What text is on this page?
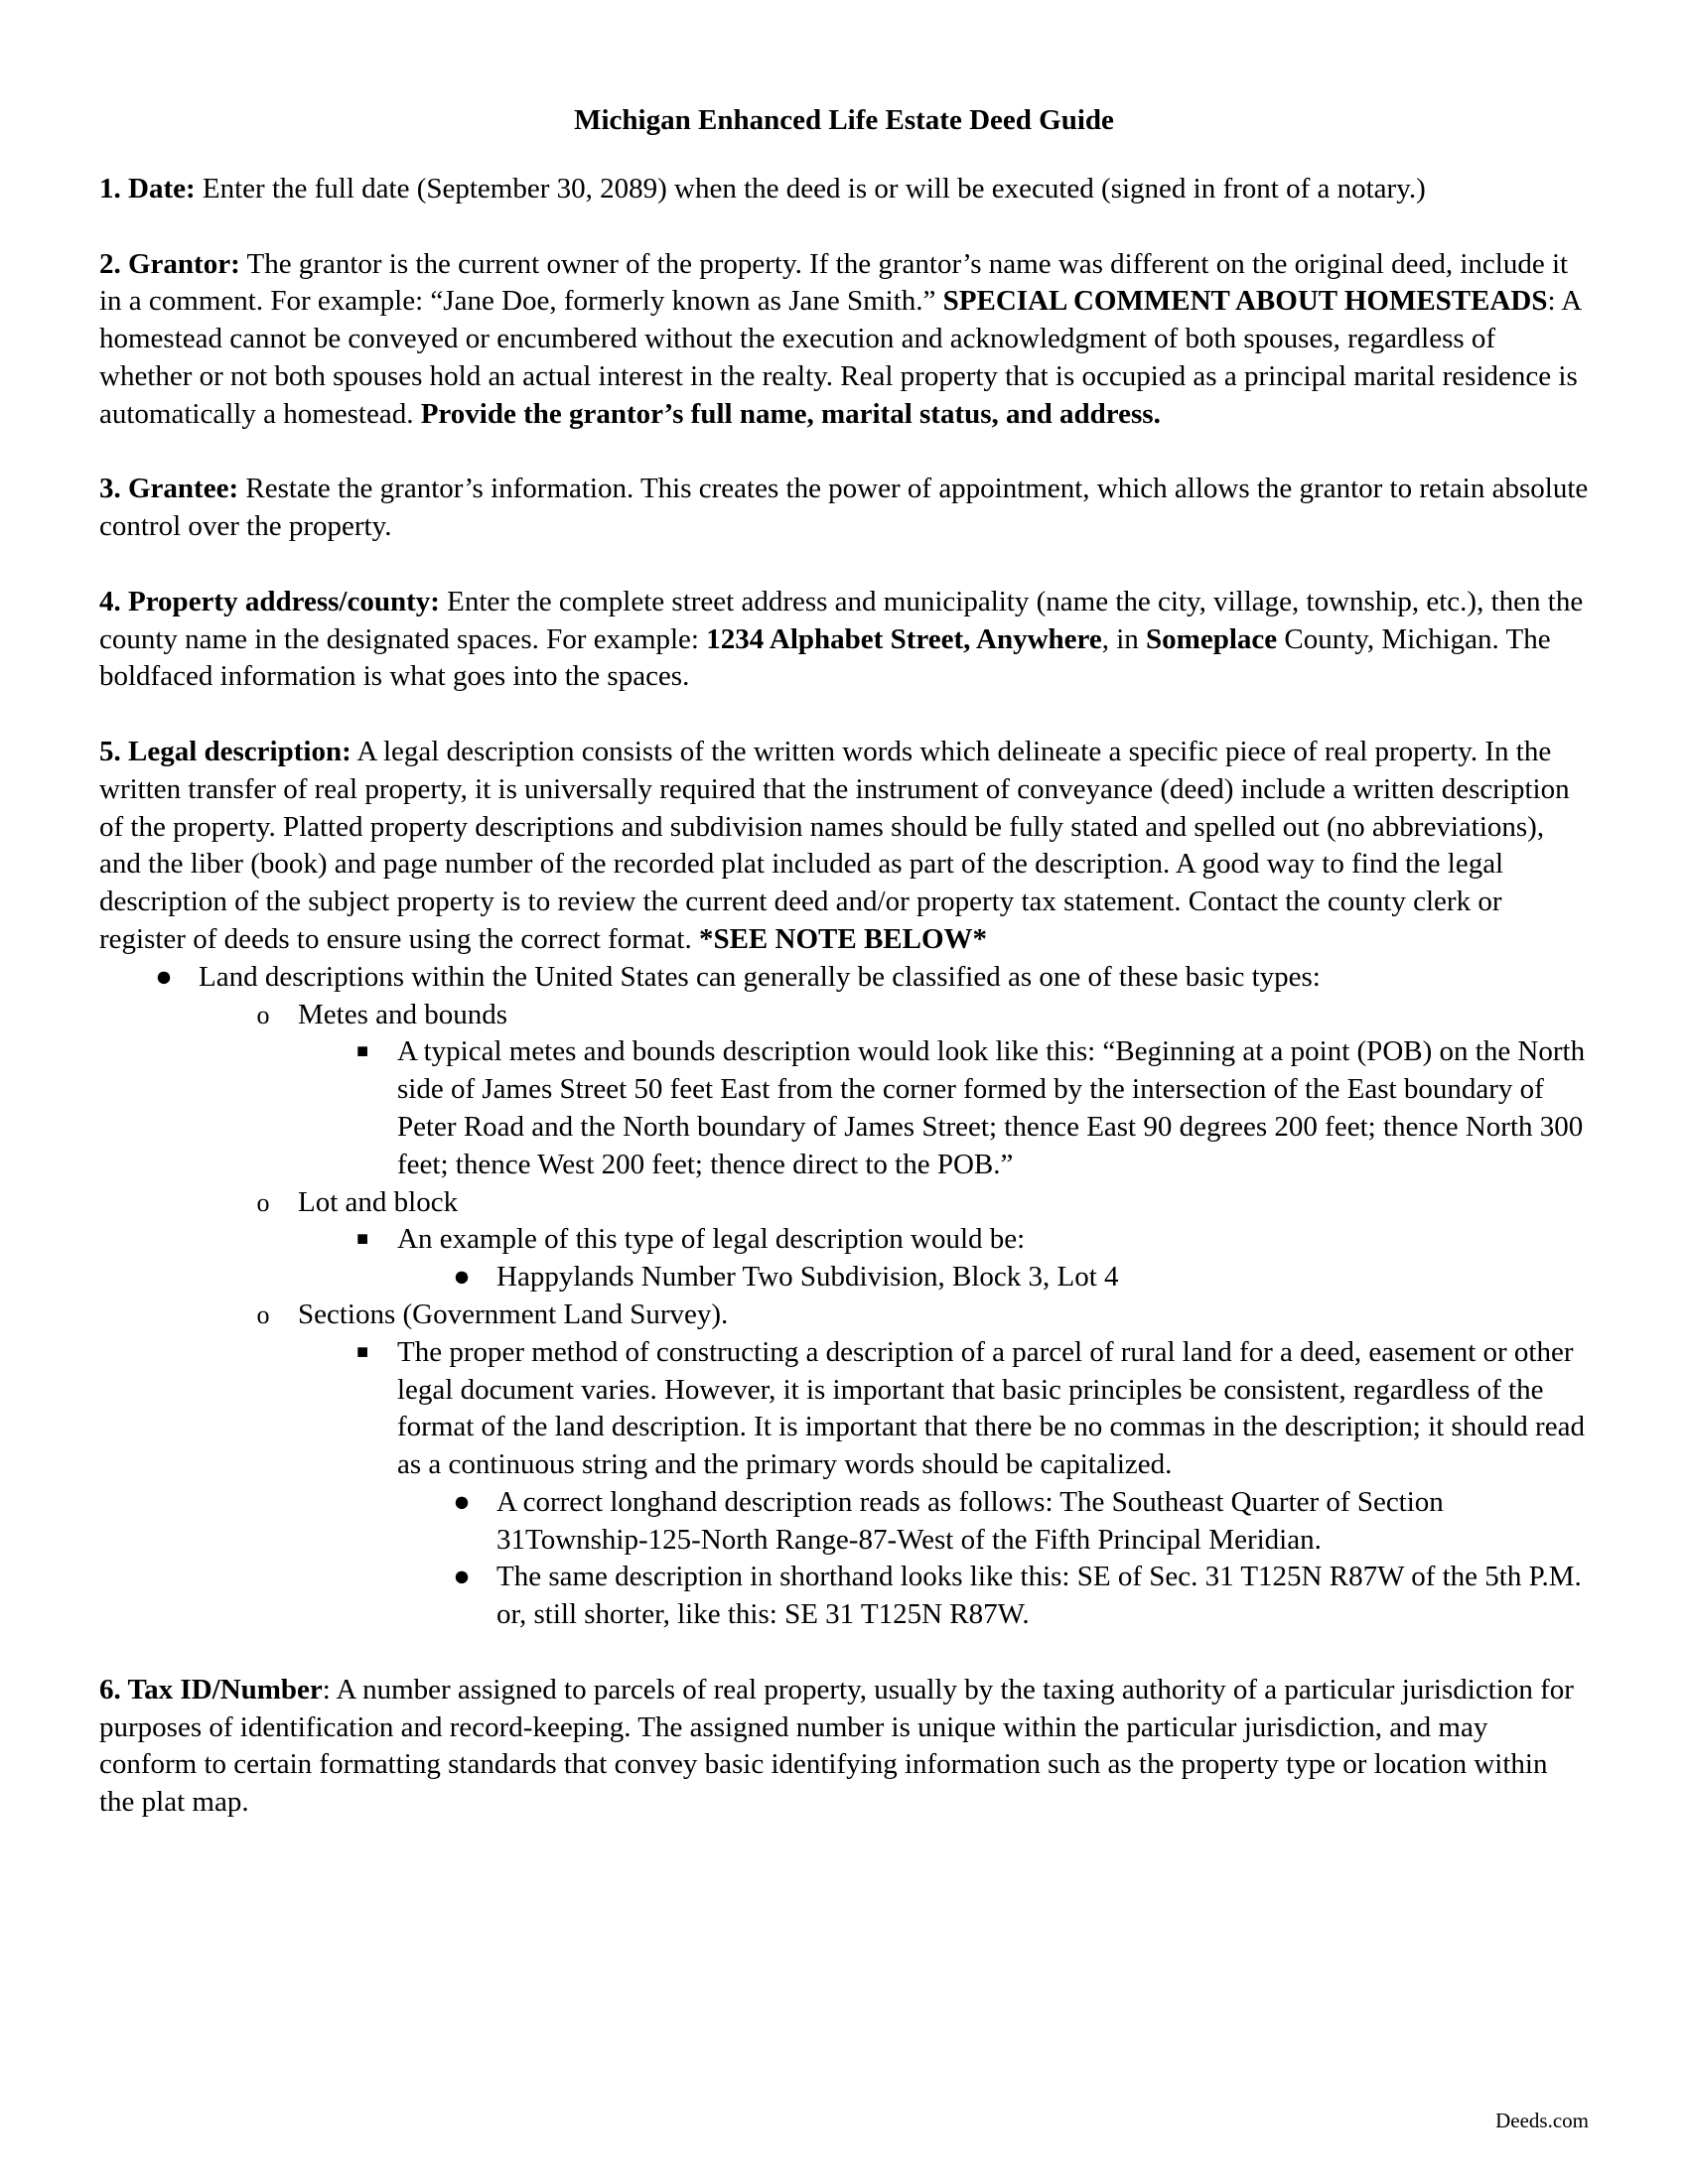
Michigan Enhanced Life Estate Deed Guide

1. Date: Enter the full date (September 30, 2089) when the deed is or will be executed (signed in front of a notary.)

2. Grantor: The grantor is the current owner of the property. If the grantor’s name was different on the original deed, include it in a comment. For example: “Jane Doe, formerly known as Jane Smith.” SPECIAL COMMENT ABOUT HOMESTEADS: A homestead cannot be conveyed or encumbered without the execution and acknowledgment of both spouses, regardless of whether or not both spouses hold an actual interest in the realty. Real property that is occupied as a principal marital residence is automatically a homestead. Provide the grantor’s full name, marital status, and address.

3. Grantee: Restate the grantor’s information. This creates the power of appointment, which allows the grantor to retain absolute control over the property.

4. Property address/county: Enter the complete street address and municipality (name the city, village, township, etc.), then the county name in the designated spaces. For example: 1234 Alphabet Street, Anywhere, in Someplace County, Michigan. The boldfaced information is what goes into the spaces.

5. Legal description: A legal description consists of the written words which delineate a specific piece of real property. In the written transfer of real property, it is universally required that the instrument of conveyance (deed) include a written description of the property. Platted property descriptions and subdivision names should be fully stated and spelled out (no abbreviations), and the liber (book) and page number of the recorded plat included as part of the description. A good way to find the legal description of the subject property is to review the current deed and/or property tax statement. Contact the county clerk or register of deeds to ensure using the correct format. *SEE NOTE BELOW*

● Land descriptions within the United States can generally be classified as one of these basic types:
o Metes and bounds
■ A typical metes and bounds description would look like this: “Beginning at a point (POB) on the North side of James Street 50 feet East from the corner formed by the intersection of the East boundary of Peter Road and the North boundary of James Street; thence East 90 degrees 200 feet; thence North 300 feet; thence West 200 feet; thence direct to the POB.”
o Lot and block
■ An example of this type of legal description would be:
● Happylands Number Two Subdivision, Block 3, Lot 4
o Sections (Government Land Survey).
■ The proper method of constructing a description of a parcel of rural land for a deed, easement or other legal document varies. However, it is important that basic principles be consistent, regardless of the format of the land description. It is important that there be no commas in the description; it should read as a continuous string and the primary words should be capitalized.
● A correct longhand description reads as follows: The Southeast Quarter of Section 31Township-125-North Range-87-West of the Fifth Principal Meridian.
● The same description in shorthand looks like this: SE of Sec. 31 T125N R87W of the 5th P.M. or, still shorter, like this: SE 31 T125N R87W.

6. Tax ID/Number: A number assigned to parcels of real property, usually by the taxing authority of a particular jurisdiction for purposes of identification and record-keeping. The assigned number is unique within the particular jurisdiction, and may conform to certain formatting standards that convey basic identifying information such as the property type or location within the plat map.

Deeds.com
